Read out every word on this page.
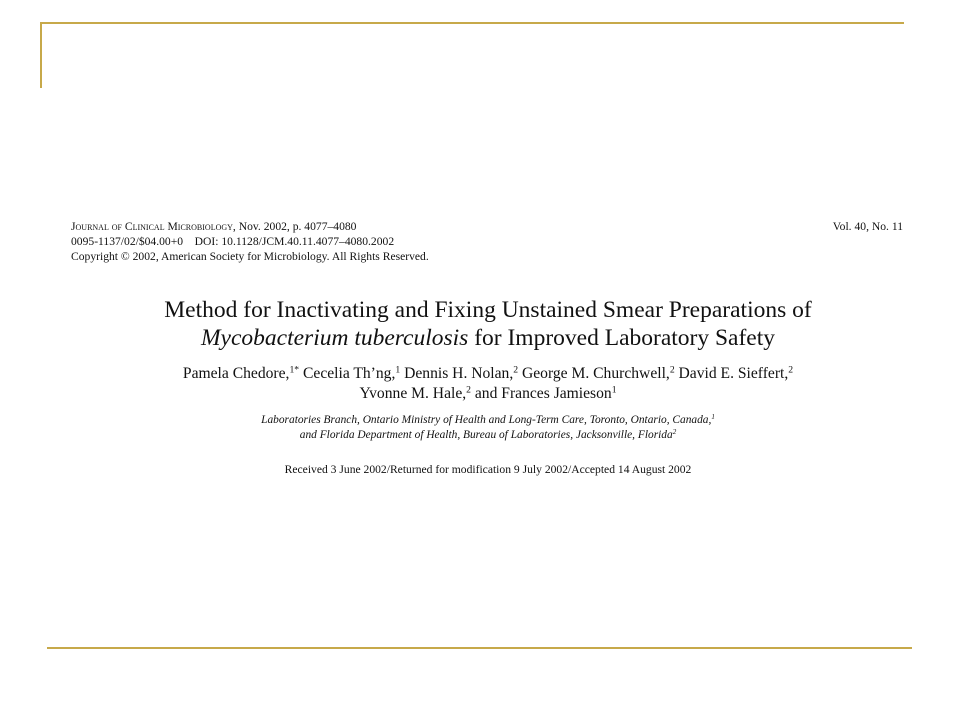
Journal of Clinical Microbiology, Nov. 2002, p. 4077–4080	Vol. 40, No. 11
0095-1137/02/$04.00+0    DOI: 10.1128/JCM.40.11.4077–4080.2002
Copyright © 2002, American Society for Microbiology. All Rights Reserved.
Method for Inactivating and Fixing Unstained Smear Preparations of
Mycobacterium tuberculosis for Improved Laboratory Safety
Pamela Chedore,$^{1*}$ Cecelia Th’ng,$^1$ Dennis H. Nolan,$^2$ George M. Churchwell,$^2$ David E. Sieffert,$^2$
Yvonne M. Hale,$^2$ and Frances Jamieson$^1$
Laboratories Branch, Ontario Ministry of Health and Long-Term Care, Toronto, Ontario, Canada,$^1$
and Florida Department of Health, Bureau of Laboratories, Jacksonville, Florida$^2$
Received 3 June 2002/Returned for modification 9 July 2002/Accepted 14 August 2002
